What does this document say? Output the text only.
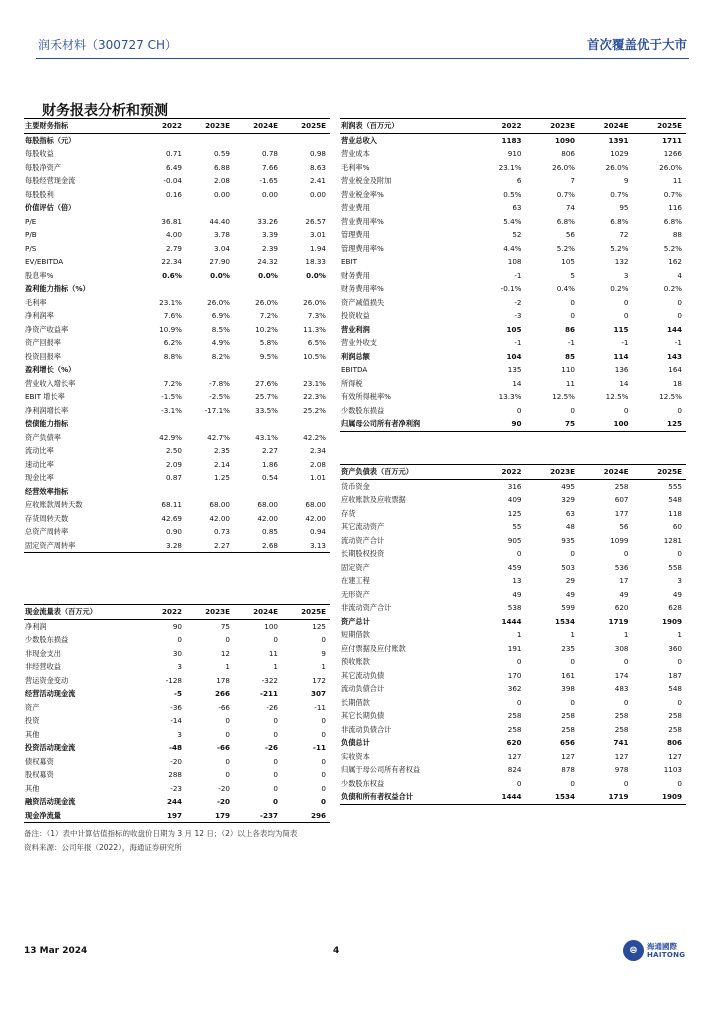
润禾材料（300727 CH）	首次覆盖优于大市
财务报表分析和预测
主要财务指标	2022	2023E	2024E	2025E
每股指标（元）				
每股收益	0.71	0.59	0.78	0.98
每股净资产	6.49	6.88	7.66	8.63
每股经营现金流	-0.04	2.08	-1.65	2.41
每股股利	0.16	0.00	0.00	0.00
价值评估（倍）				
P/E	36.81	44.40	33.26	26.57
P/B	4.00	3.78	3.39	3.01
P/S	2.79	3.04	2.39	1.94
EV/EBITDA	22.34	27.90	24.32	18.33
股息率%	0.6%	0.0%	0.0%	0.0%
盈利能力指标（%）				
毛利率	23.1%	26.0%	26.0%	26.0%
净利润率	7.6%	6.9%	7.2%	7.3%
净资产收益率	10.9%	8.5%	10.2%	11.3%
资产回报率	6.2%	4.9%	5.8%	6.5%
投资回报率	8.8%	8.2%	9.5%	10.5%
盈利增长（%）				
营业收入增长率	7.2%	-7.8%	27.6%	23.1%
EBIT 增长率	-1.5%	-2.5%	25.7%	22.3%
净利润增长率	-3.1%	-17.1%	33.5%	25.2%
偿债能力指标				
资产负债率	42.9%	42.7%	43.1%	42.2%
流动比率	2.50	2.35	2.27	2.34
速动比率	2.09	2.14	1.86	2.08
现金比率	0.87	1.25	0.54	1.01
经营效率指标				
应收账款周转天数	68.11	68.00	68.00	68.00
存货周转天数	42.69	42.00	42.00	42.00
总资产周转率	0.90	0.73	0.85	0.94
固定资产周转率	3.28	2.27	2.68	3.13
利润表（百万元）	2022	2023E	2024E	2025E
营业总收入	1183	1090	1391	1711
营业成本	910	806	1029	1266
毛利率%	23.1%	26.0%	26.0%	26.0%
营业税金及附加	6	7	9	11
营业税金率%	0.5%	0.7%	0.7%	0.7%
营业费用	63	74	95	116
营业费用率%	5.4%	6.8%	6.8%	6.8%
管理费用	52	56	72	88
管理费用率%	4.4%	5.2%	5.2%	5.2%
EBIT	108	105	132	162
财务费用	-1	5	3	4
财务费用率%	-0.1%	0.4%	0.2%	0.2%
资产减值损失	-2	0	0	0
投资收益	-3	0	0	0
营业利润	105	86	115	144
营业外收支	-1	-1	-1	-1
利润总额	104	85	114	143
EBITDA	135	110	136	164
所得税	14	11	14	18
有效所得税率%	13.3%	12.5%	12.5%	12.5%
少数股东损益	0	0	0	0
归属母公司所有者净利润	90	75	100	125
资产负债表（百万元）	2022	2023E	2024E	2025E
货币资金	316	495	258	555
应收账款及应收票据	409	329	607	548
存货	125	63	177	118
其它流动资产	55	48	56	60
流动资产合计	905	935	1099	1281
长期股权投资	0	0	0	0
固定资产	459	503	536	558
在建工程	13	29	17	3
无形资产	49	49	49	49
非流动资产合计	538	599	620	628
资产总计	1444	1534	1719	1909
短期借款	1	1	1	1
应付票据及应付账款	191	235	308	360
预收账款	0	0	0	0
其它流动负债	170	161	174	187
流动负债合计	362	398	483	548
长期借款	0	0	0	0
其它长期负债	258	258	258	258
非流动负债合计	258	258	258	258
负债总计	620	656	741	806
实收资本	127	127	127	127
归属于母公司所有者权益	824	878	978	1103
少数股东权益	0	0	0	0
负债和所有者权益合计	1444	1534	1719	1909
现金流量表（百万元）	2022	2023E	2024E	2025E
净利润	90	75	100	125
少数股东损益	0	0	0	0
非现金支出	30	12	11	9
非经营收益	3	1	1	1
营运资金变动	-128	178	-322	172
经营活动现金流	-5	266	-211	307
资产	-36	-66	-26	-11
投资	-14	0	0	0
其他	3	0	0	0
投资活动现金流	-48	-66	-26	-11
债权募资	-20	0	0	0
股权募资	288	0	0	0
其他	-23	-20	0	0
融资活动现金流	244	-20	0	0
现金净流量	197	179	-237	296
备注：（1）表中计算估值指标的收盘价日期为 3 月 12 日；（2）以上各表均为简表
资料来源：公司年报（2022），海通证券研究所
13 Mar 2024	4	⊜	海通國際
HAITONG
